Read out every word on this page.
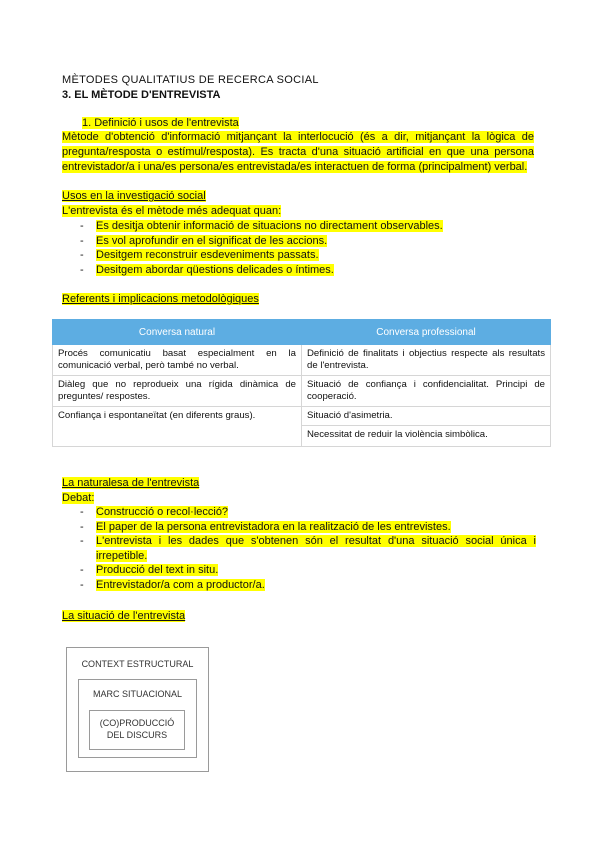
MÈTODES QUALITATIUS DE RECERCA SOCIAL
3. EL MÈTODE D'ENTREVISTA
1. Definició i usos de l'entrevista
Mètode d'obtenció d'informació mitjançant la interlocució (és a dir, mitjançant la lògica de pregunta/resposta o estímul/resposta). Es tracta d'una situació artificial en que una persona entrevistador/a i una/es persona/es entrevistada/es interactuen de forma (principalment) verbal.
Usos en la investigació social
L'entrevista és el mètode més adequat quan:
- Es desitja obtenir informació de situacions no directament observables.
- Es vol aprofundir en el significat de les accions.
- Desitgem reconstruir esdeveniments passats.
- Desitgem abordar qüestions delicades o íntimes.
Referents i implicacions metodològiques
Conversa natural	Conversa professional
Procés comunicatiu basat especialment en la comunicació verbal, però també no verbal.	Definició de finalitats i objectius respecte als resultats de l'entrevista.
Diàleg que no reprodueix una rígida dinàmica de preguntes/ respostes.	Situació de confiança i confidencialitat. Principi de cooperació.
Confiança i espontaneïtat (en diferents graus).	Situació d'asimetria.
	Necessitat de reduir la violència simbòlica.
La naturalesa de l'entrevista
Debat:
- Construcció o recol·lecció?
- El paper de la persona entrevistadora en la realització de les entrevistes.
- L'entrevista i les dades que s'obtenen són el resultat d'una situació social única i irrepetible.
- Producció del text in situ.
- Entrevistador/a com a productor/a.
La situació de l'entrevista
CONTEXT ESTRUCTURAL
MARC SITUACIONAL
(CO)PRODUCCIÓ
DEL DISCURS
